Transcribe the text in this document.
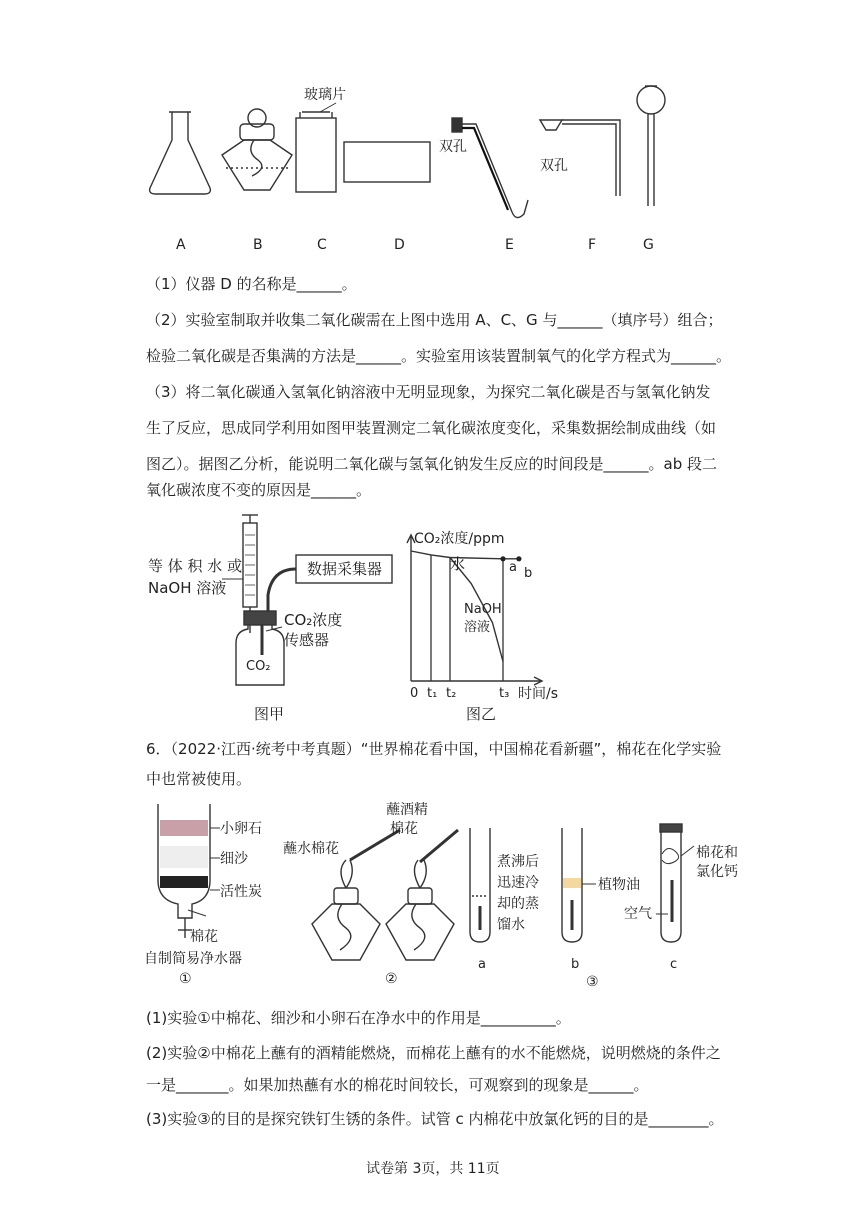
玻璃片
双孔
双孔
A	B	C	D	E	F	G
（1）仪器 D 的名称是______。
（2）实验室制取并收集二氧化碳需在上图中选用 A、C、G 与______（填序号）组合；
检验二氧化碳是否集满的方法是______。实验室用该装置制氧气的化学方程式为______。
（3）将二氧化碳通入氢氧化钠溶液中无明显现象，为探究二氧化碳是否与氢氧化钠发
生了反应，思成同学利用如图甲装置测定二氧化碳浓度变化，采集数据绘制成曲线（如
图乙）。据图乙分析，能说明二氧化碳与氢氧化钠发生反应的时间段是______。ab 段二
氧化碳浓度不变的原因是______。
等 体 积 水 或
NaOH 溶液
数据采集器
CO₂浓度
传感器
CO₂
图甲
CO₂浓度/ppm
时间/s
0 t₁ t₂	t₃
水
NaOH
溶液
a b
图乙
6．（2022·江西·统考中考真题）“世界棉花看中国，中国棉花看新疆”，棉花在化学实验
中也常被使用。
小卵石
细沙
活性炭
棉花
自制简易净水器
①
蘸水棉花
蘸酒精
棉花
②
煮沸后
迅速冷
却的蒸
馏水
植物油
棉花和
氯化钙
空气
a	b	c
③
(1)实验①中棉花、细沙和小卵石在净水中的作用是__________。
(2)实验②中棉花上蘸有的酒精能燃烧，而棉花上蘸有的水不能燃烧，说明燃烧的条件之
一是_______。如果加热蘸有水的棉花时间较长，可观察到的现象是______。
(3)实验③的目的是探究铁钉生锈的条件。试管 c 内棉花中放氯化钙的目的是________。
试卷第 3页，共 11页
